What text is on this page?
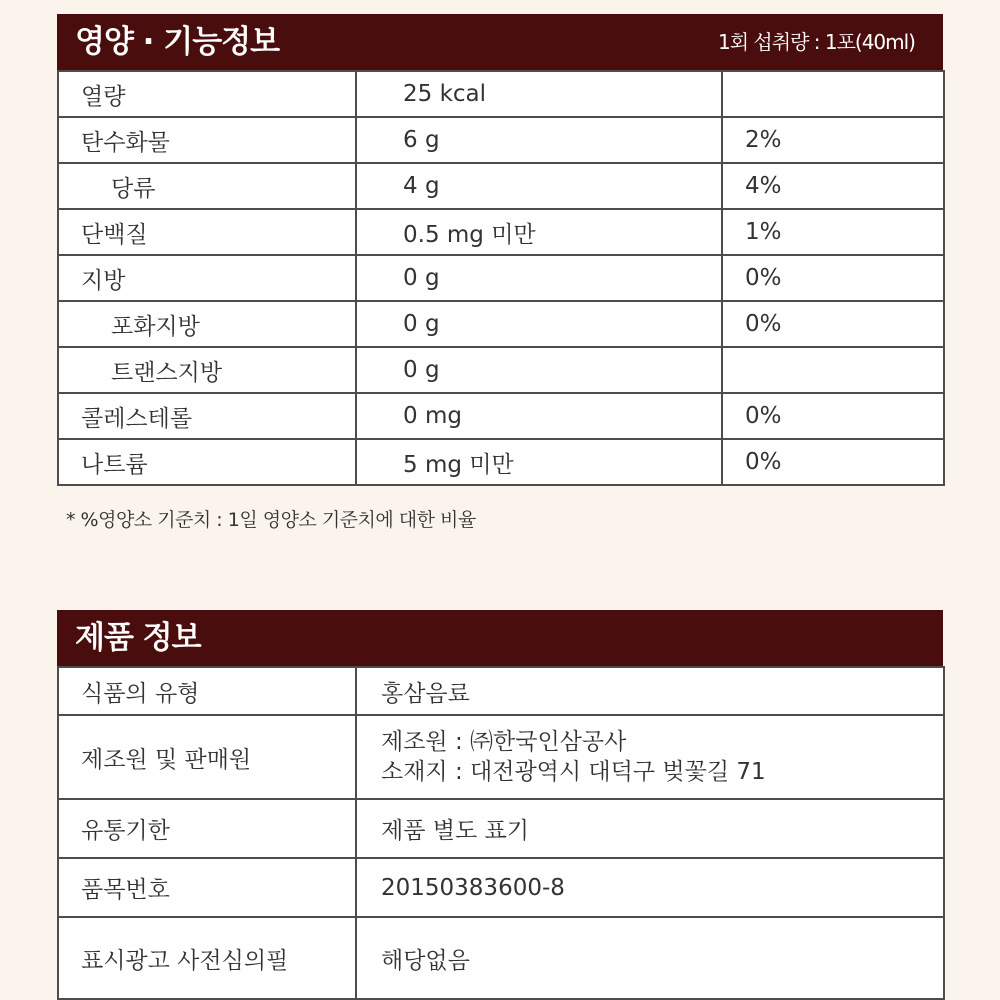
영양 · 기능정보	1회 섭취량 : 1포(40ml)
열량	25 kcal	
탄수화물	6 g	2%
당류	4 g	4%
단백질	0.5 mg 미만	1%
지방	0 g	0%
포화지방	0 g	0%
트랜스지방	0 g	
콜레스테롤	0 mg	0%
나트륨	5 mg 미만	0%
* %영양소 기준치 : 1일 영양소 기준치에 대한 비율
제품 정보
식품의 유형	홍삼음료
제조원 및 판매원	제조원 : ㈜한국인삼공사
소재지 : 대전광역시 대덕구 벚꽃길 71

유통기한	제품 별도 표기
품목번호	20150383600-8
표시광고 사전심의필	해당없음
